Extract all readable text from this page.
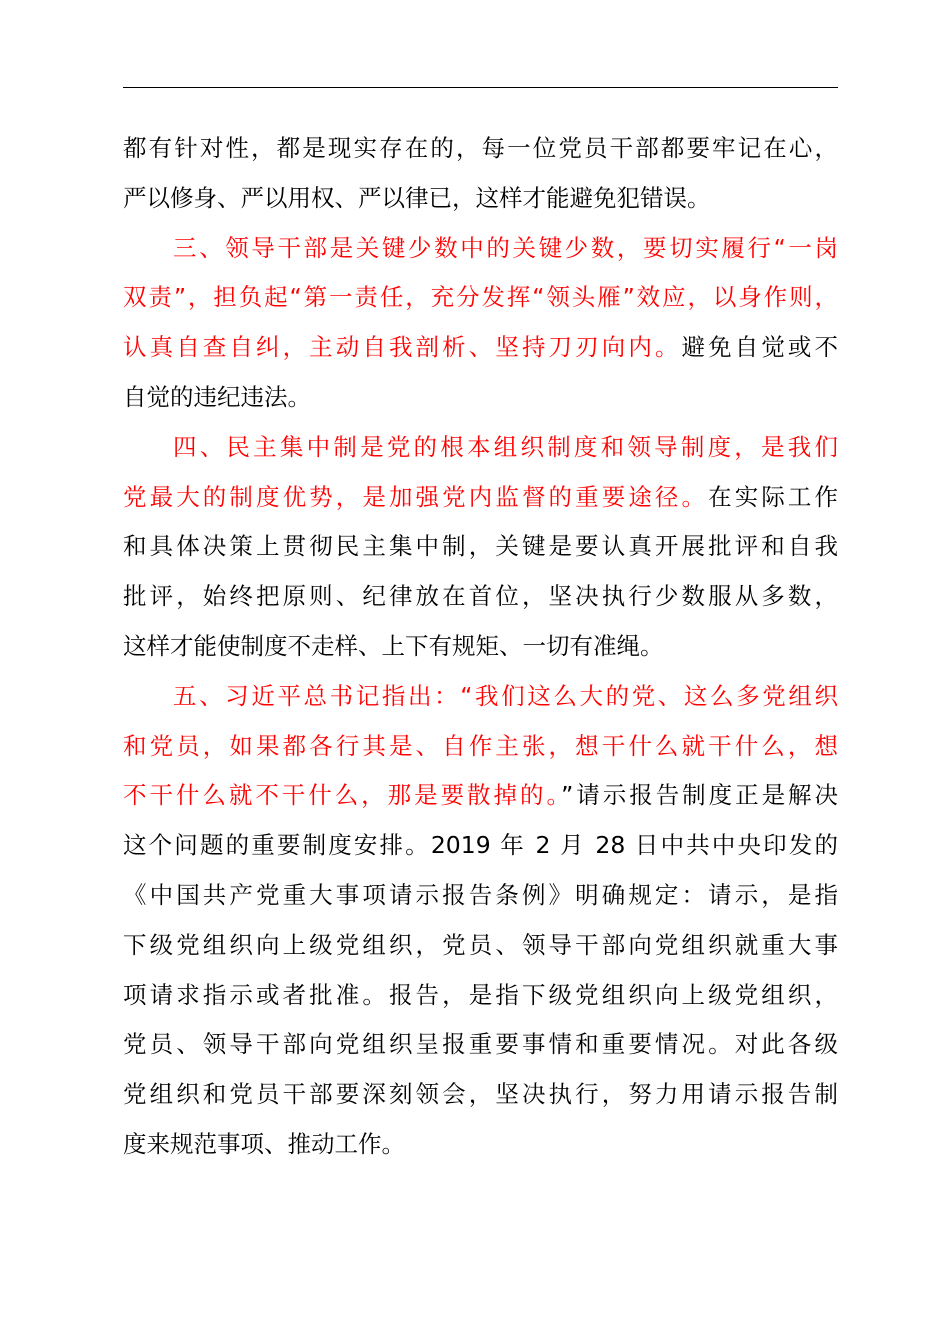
都有针对性，都是现实存在的，每一位党员干部都要牢记在心，
严以修身、严以用权、严以律已，这样才能避免犯错误。
三、领导干部是关键少数中的关键少数，要切实履行“一岗
双责”，担负起“第一责任，充分发挥“领头雁”效应，以身作则，
认真自查自纠，主动自我剖析、坚持刀刃向内。避免自觉或不
自觉的违纪违法。
四、民主集中制是党的根本组织制度和领导制度，是我们
党最大的制度优势，是加强党内监督的重要途径。在实际工作
和具体决策上贯彻民主集中制，关键是要认真开展批评和自我
批评，始终把原则、纪律放在首位，坚决执行少数服从多数，
这样才能使制度不走样、上下有规矩、一切有准绳。
五、习近平总书记指出：“我们这么大的党、这么多党组织
和党员，如果都各行其是、自作主张，想干什么就干什么，想
不干什么就不干什么，那是要散掉的。”请示报告制度正是解决
这个问题的重要制度安排。2019 年 2 月 28 日中共中央印发的
《中国共产党重大事项请示报告条例》明确规定：请示，是指
下级党组织向上级党组织，党员、领导干部向党组织就重大事
项请求指示或者批准。报告，是指下级党组织向上级党组织，
党员、领导干部向党组织呈报重要事情和重要情况。对此各级
党组织和党员干部要深刻领会，坚决执行，努力用请示报告制
度来规范事项、推动工作。
